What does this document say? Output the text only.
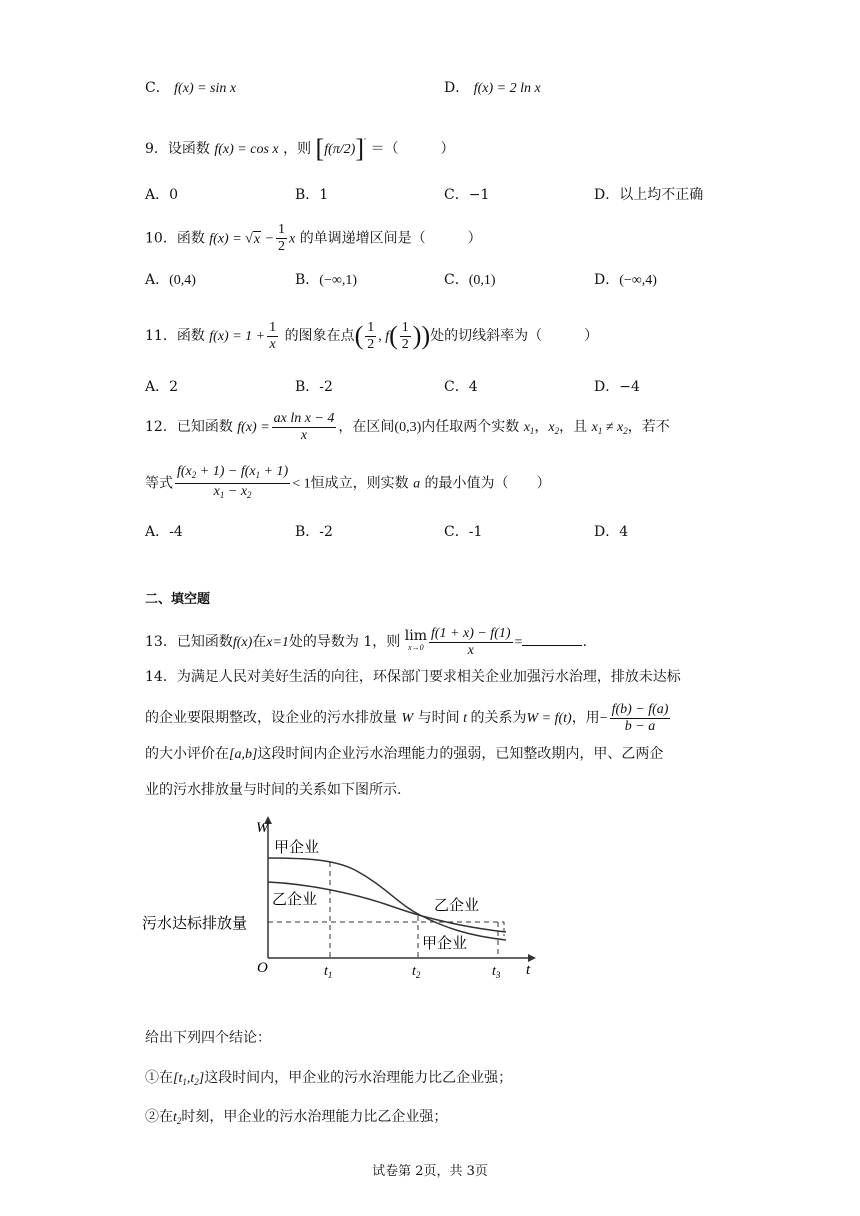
C． f(x) = sin x	D． f(x) = 2 ln x
9．设函数 f(x) = cos x ，则 [f(π/2)]′ ＝（　　　）
A．0	B．1	C．−1	D．以上均不正确
10．函数 $f(x) = √x - \frac{1}{2}$ x 的单调递增区间是（　　　）
A．(0,4)	B．(−∞,1)	C．(0,1)	D．(−∞,4)
11．函数 $f(x) = 1 + \frac{1}{x}$ 的图象在点( $\frac{1}{2}$ , $f( \frac{1}{2}$ ))处的切线斜率为（　　　）
A．2	B．-2	C．4	D．−4
12．已知函数 $f(x) = \frac{\text{ax ln x − 4}}{x}$ ，在区间(0,3)内任取两个实数 $x_1$，$x_2$，且 $x_1 \ne x_2$，若不
等式 $\frac{f(x_2 + 1) - f(x_1 + 1)}{x_1 - x_2} < 1$恒成立，则实数 a 的最小值为（　　）
A．-4	B．-2	C．-1	D．4
二、填空题
13．已知函数f(x)在x=1处的导数为 1，则 lim
$x\to 0 \frac{f(1 + x) - f(1)}{x}$ =	.
14．为满足人民对美好生活的向往，环保部门要求相关企业加强污水治理，排放未达标
的企业要限期整改，设企业的污水排放量 W 与时间 t 的关系为W = f(t)，用− $\frac{f(b) - f(a)}{b - a}$
的大小评价在[a,b]这段时间内企业污水治理能力的强弱，已知整改期内，甲、乙两企
业的污水排放量与时间的关系如下图所示.
W
t
O
污水达标排放量
甲企业
乙企业	乙企业
甲企业
$t_1$	$t_2$	$t_3$
给出下列四个结论：
①在$[t_1,t_2]$这段时间内，甲企业的污水治理能力比乙企业强；
②在$t_2$时刻，甲企业的污水治理能力比乙企业强；
试卷第 2页，共 3页
